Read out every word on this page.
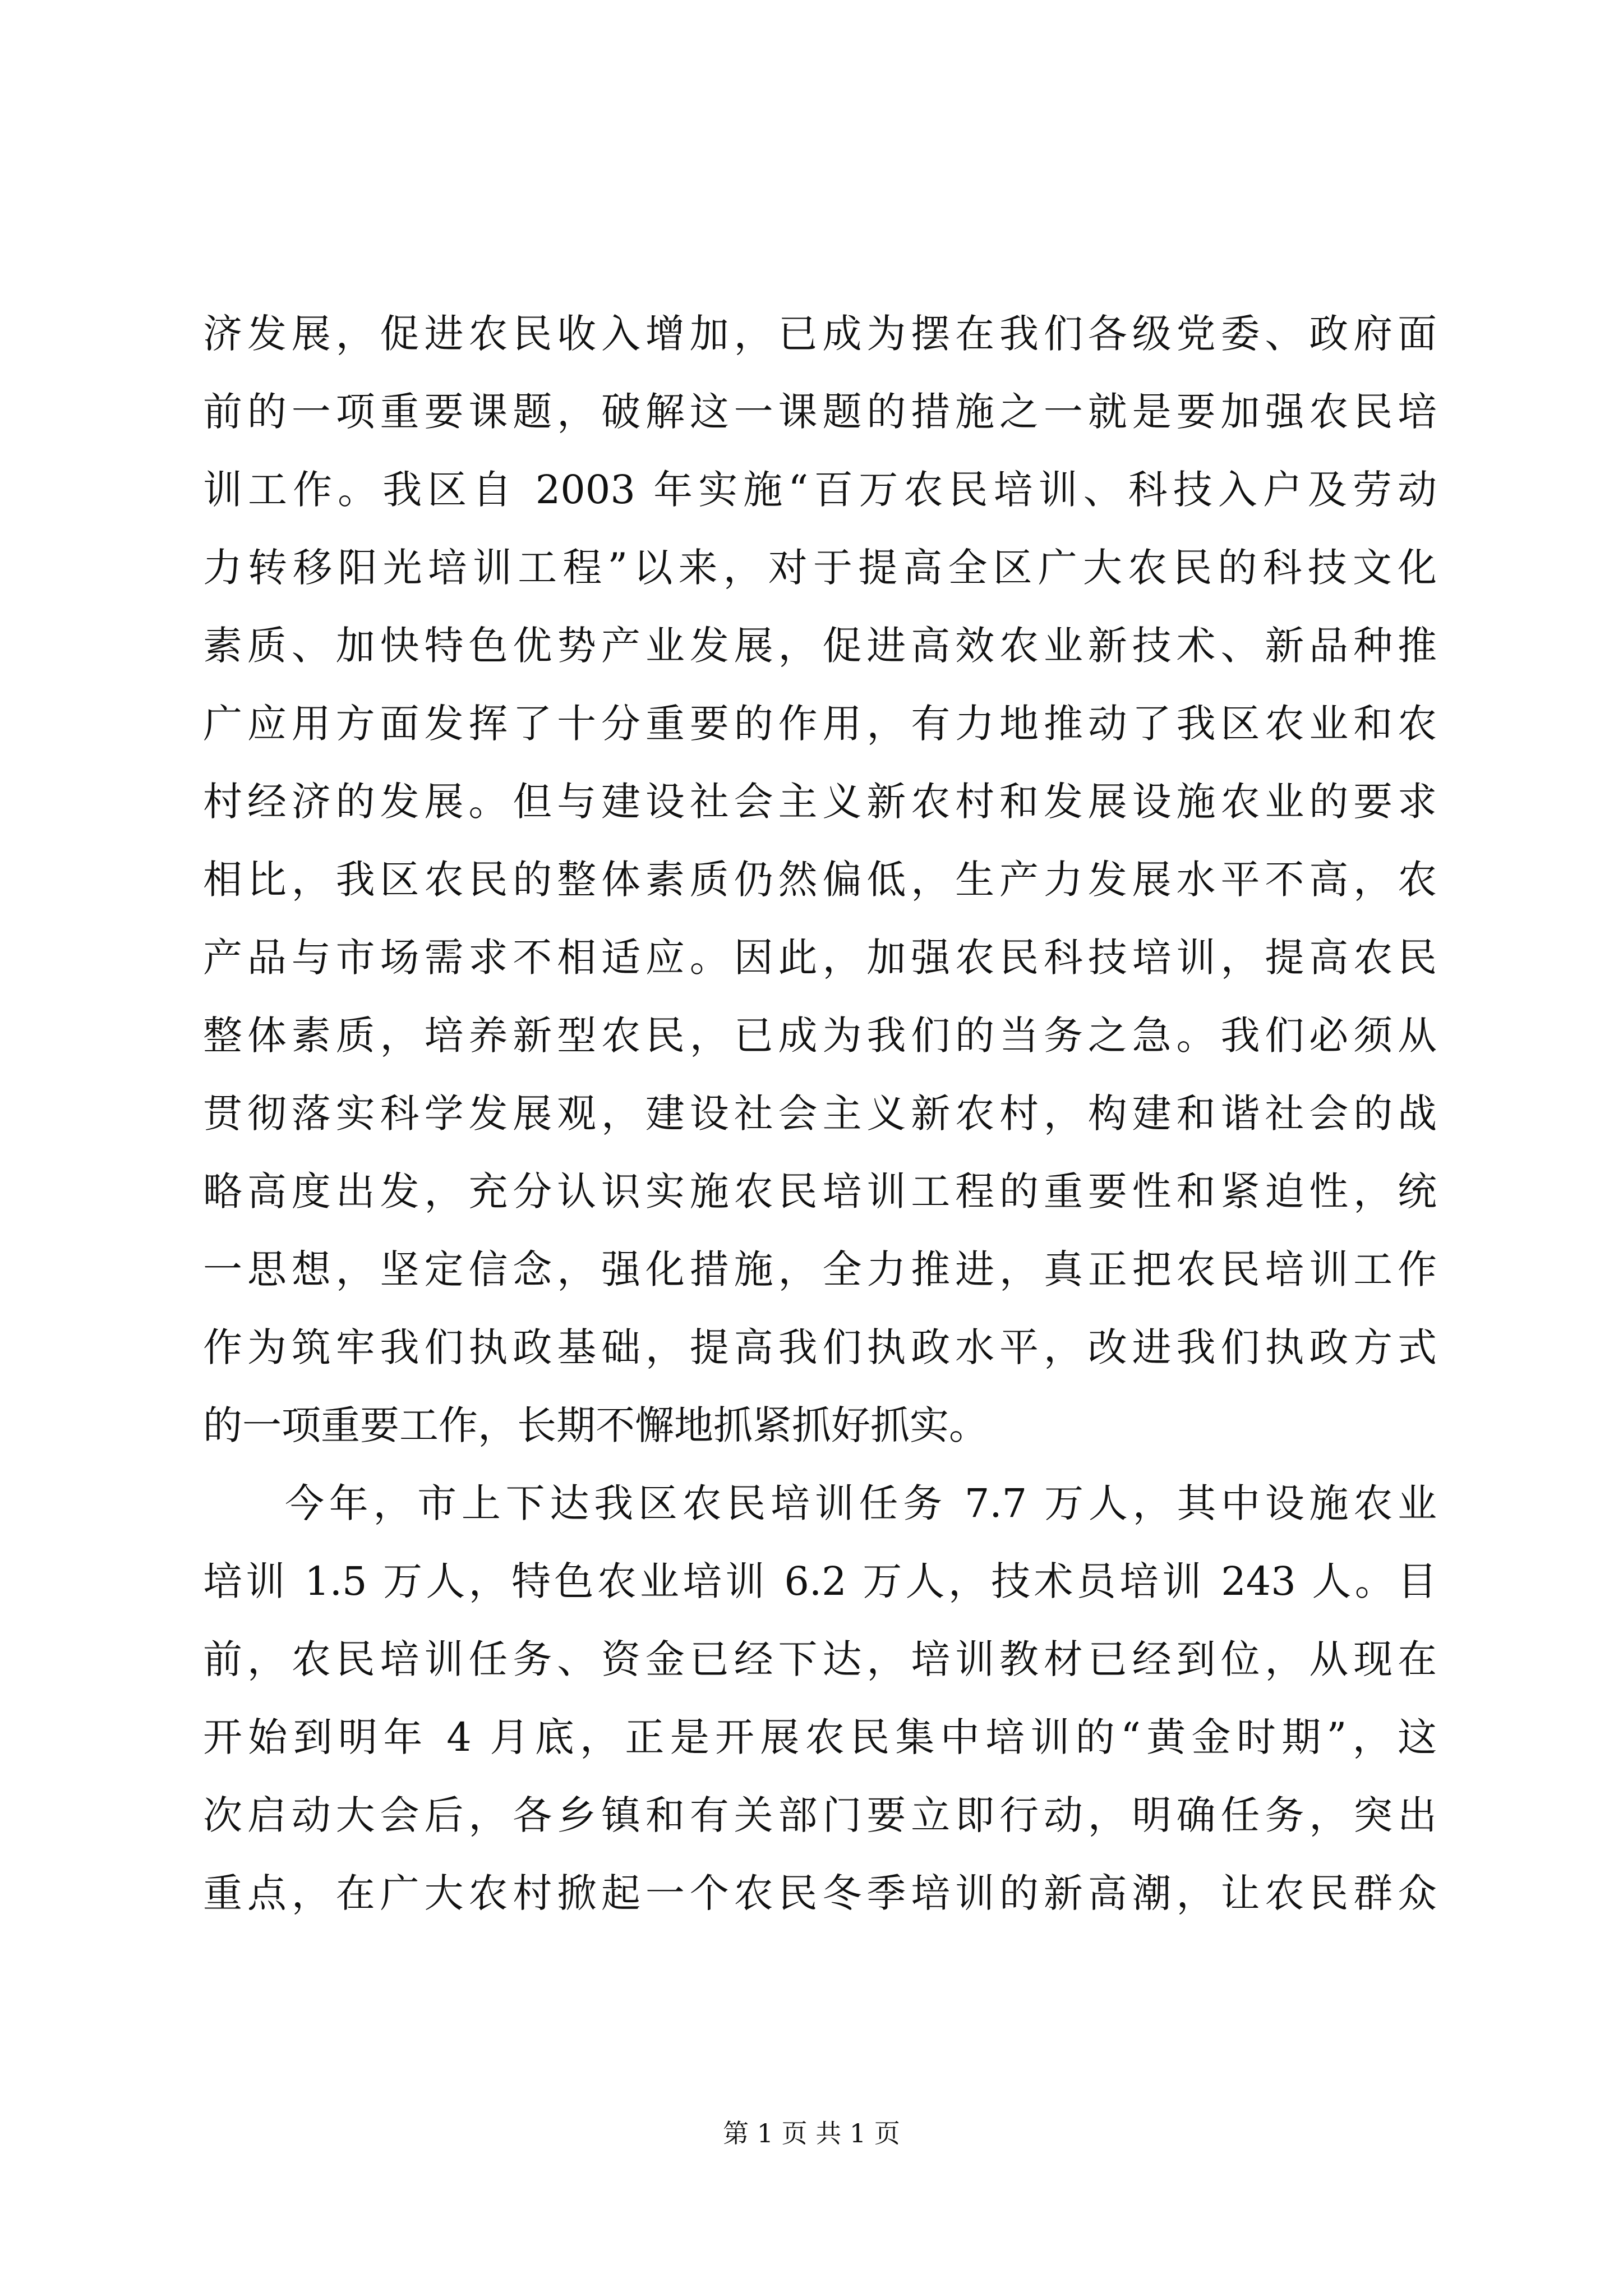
济发展，促进农民收入增加，已成为摆在我们各级党委、政府面
前的一项重要课题，破解这一课题的措施之一就是要加强农民培
训工作。我区自 2003 年实施“百万农民培训、科技入户及劳动
力转移阳光培训工程”以来，对于提高全区广大农民的科技文化
素质、加快特色优势产业发展，促进高效农业新技术、新品种推
广应用方面发挥了十分重要的作用，有力地推动了我区农业和农
村经济的发展。但与建设社会主义新农村和发展设施农业的要求
相比，我区农民的整体素质仍然偏低，生产力发展水平不高，农
产品与市场需求不相适应。因此，加强农民科技培训，提高农民
整体素质，培养新型农民，已成为我们的当务之急。我们必须从
贯彻落实科学发展观，建设社会主义新农村，构建和谐社会的战
略高度出发，充分认识实施农民培训工程的重要性和紧迫性，统
一思想，坚定信念，强化措施，全力推进，真正把农民培训工作
作为筑牢我们执政基础，提高我们执政水平，改进我们执政方式
的一项重要工作，长期不懈地抓紧抓好抓实。
今年，市上下达我区农民培训任务 7.7 万人，其中设施农业
培训 1.5 万人，特色农业培训 6.2 万人，技术员培训 243 人。目
前，农民培训任务、资金已经下达，培训教材已经到位，从现在
开始到明年 4 月底，正是开展农民集中培训的“黄金时期”，这
次启动大会后，各乡镇和有关部门要立即行动，明确任务，突出
重点，在广大农村掀起一个农民冬季培训的新高潮，让农民群众
第 1 页 共 1 页
